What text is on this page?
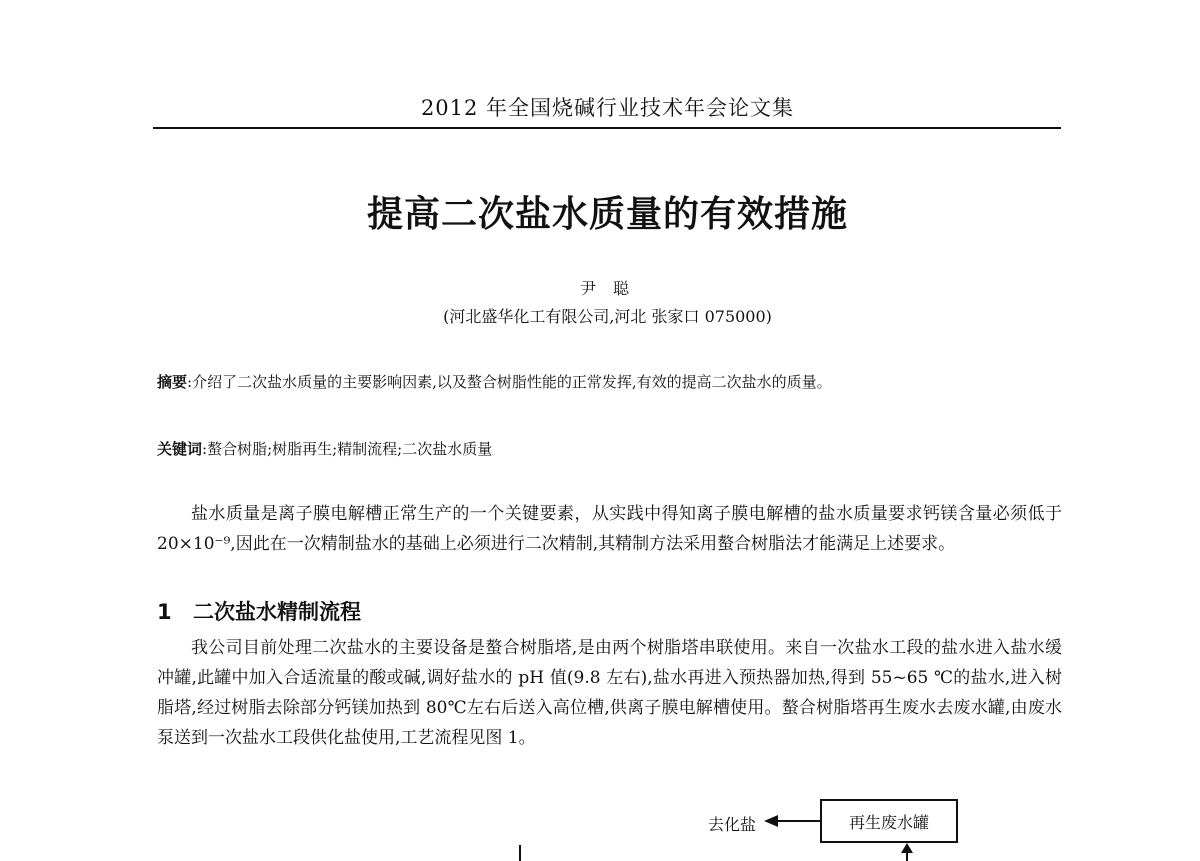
2012 年全国烧碱行业技术年会论文集
提高二次盐水质量的有效措施
尹 聪
(河北盛华化工有限公司,河北 张家口 075000)
摘要:介绍了二次盐水质量的主要影响因素,以及螯合树脂性能的正常发挥,有效的提高二次盐水的质量。
关键词:螯合树脂;树脂再生;精制流程;二次盐水质量
盐水质量是离子膜电解槽正常生产的一个关键要素，从实践中得知离子膜电解槽的盐水质量要求钙镁含量必须低于 20×10⁻⁹,因此在一次精制盐水的基础上必须进行二次精制,其精制方法采用螯合树脂法才能满足上述要求。
1 二次盐水精制流程
我公司目前处理二次盐水的主要设备是螯合树脂塔,是由两个树脂塔串联使用。来自一次盐水工段的盐水进入盐水缓冲罐,此罐中加入合适流量的酸或碱,调好盐水的 pH 值(9.8 左右),盐水再进入预热器加热,得到 55~65 ℃的盐水,进入树脂塔,经过树脂去除部分钙镁加热到 80℃左右后送入高位槽,供离子膜电解槽使用。螯合树脂塔再生废水去废水罐,由废水泵送到一次盐水工段供化盐使用,工艺流程见图 1。
去化盐	再生废水罐
